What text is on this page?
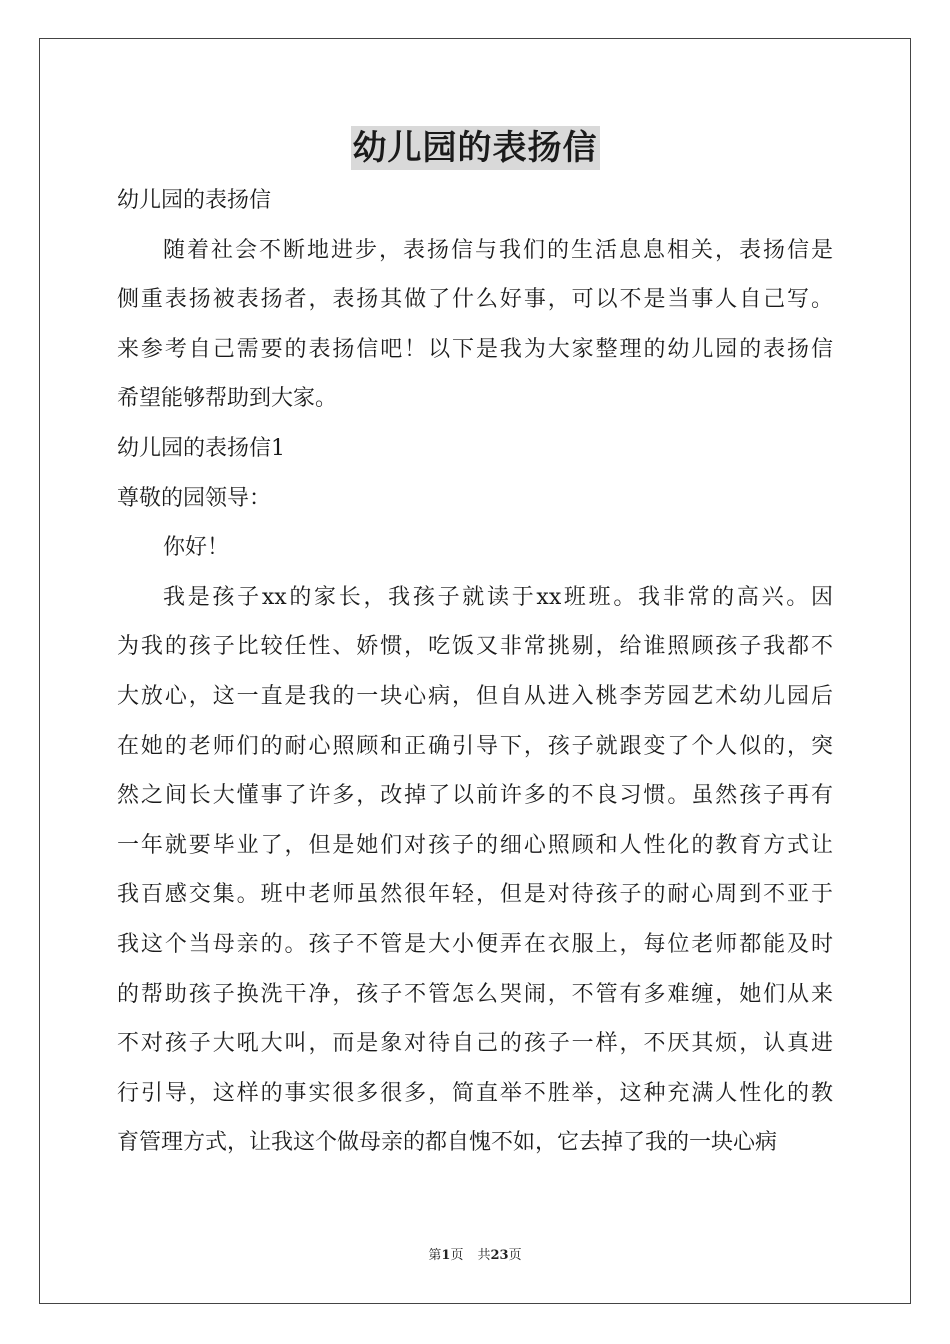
幼儿园的表扬信
幼儿园的表扬信
随着社会不断地进步，表扬信与我们的生活息息相关，表扬信是
侧重表扬被表扬者，表扬其做了什么好事，可以不是当事人自己写。
来参考自己需要的表扬信吧！以下是我为大家整理的幼儿园的表扬信
希望能够帮助到大家。
幼儿园的表扬信1
尊敬的园领导：
你好！
我是孩子xx的家长，我孩子就读于xx班班。我非常的高兴。因
为我的孩子比较任性、娇惯，吃饭又非常挑剔，给谁照顾孩子我都不
大放心，这一直是我的一块心病，但自从进入桃李芳园艺术幼儿园后
在她的老师们的耐心照顾和正确引导下，孩子就跟变了个人似的，突
然之间长大懂事了许多，改掉了以前许多的不良习惯。虽然孩子再有
一年就要毕业了，但是她们对孩子的细心照顾和人性化的教育方式让
我百感交集。班中老师虽然很年轻，但是对待孩子的耐心周到不亚于
我这个当母亲的。孩子不管是大小便弄在衣服上，每位老师都能及时
的帮助孩子换洗干净，孩子不管怎么哭闹，不管有多难缠，她们从来
不对孩子大吼大叫，而是象对待自己的孩子一样，不厌其烦，认真进
行引导，这样的事实很多很多，简直举不胜举，这种充满人性化的教
育管理方式，让我这个做母亲的都自愧不如，它去掉了我的一块心病
第1页 共23页
